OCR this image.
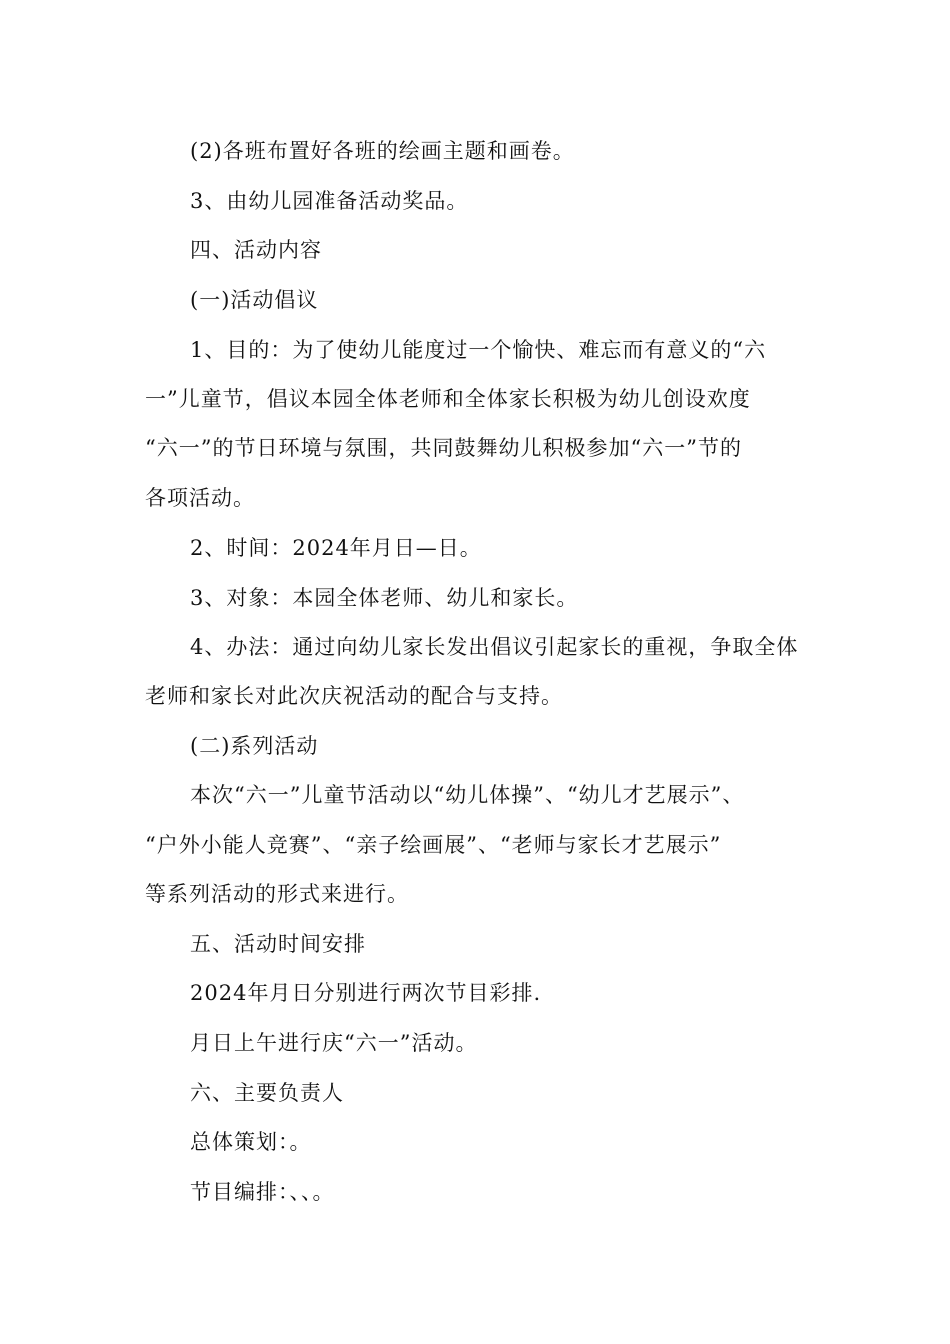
(2)各班布置好各班的绘画主题和画卷。
3、由幼儿园准备活动奖品。
四、活动内容
(一)活动倡议
1、目的：为了使幼儿能度过一个愉快、难忘而有意义的“六
一”儿童节，倡议本园全体老师和全体家长积极为幼儿创设欢度
“六一”的节日环境与氛围，共同鼓舞幼儿积极参加“六一”节的
各项活动。
2、时间：2024年月日—日。
3、对象：本园全体老师、幼儿和家长。
4、办法：通过向幼儿家长发出倡议引起家长的重视，争取全体
老师和家长对此次庆祝活动的配合与支持。
(二)系列活动
本次“六一”儿童节活动以“幼儿体操”、“幼儿才艺展示”、
“户外小能人竞赛”、“亲子绘画展”、“老师与家长才艺展示”
等系列活动的形式来进行。
五、活动时间安排
2024年月日分别进行两次节目彩排.
月日上午进行庆“六一”活动。
六、主要负责人
总体策划：。
节目编排：、、。
